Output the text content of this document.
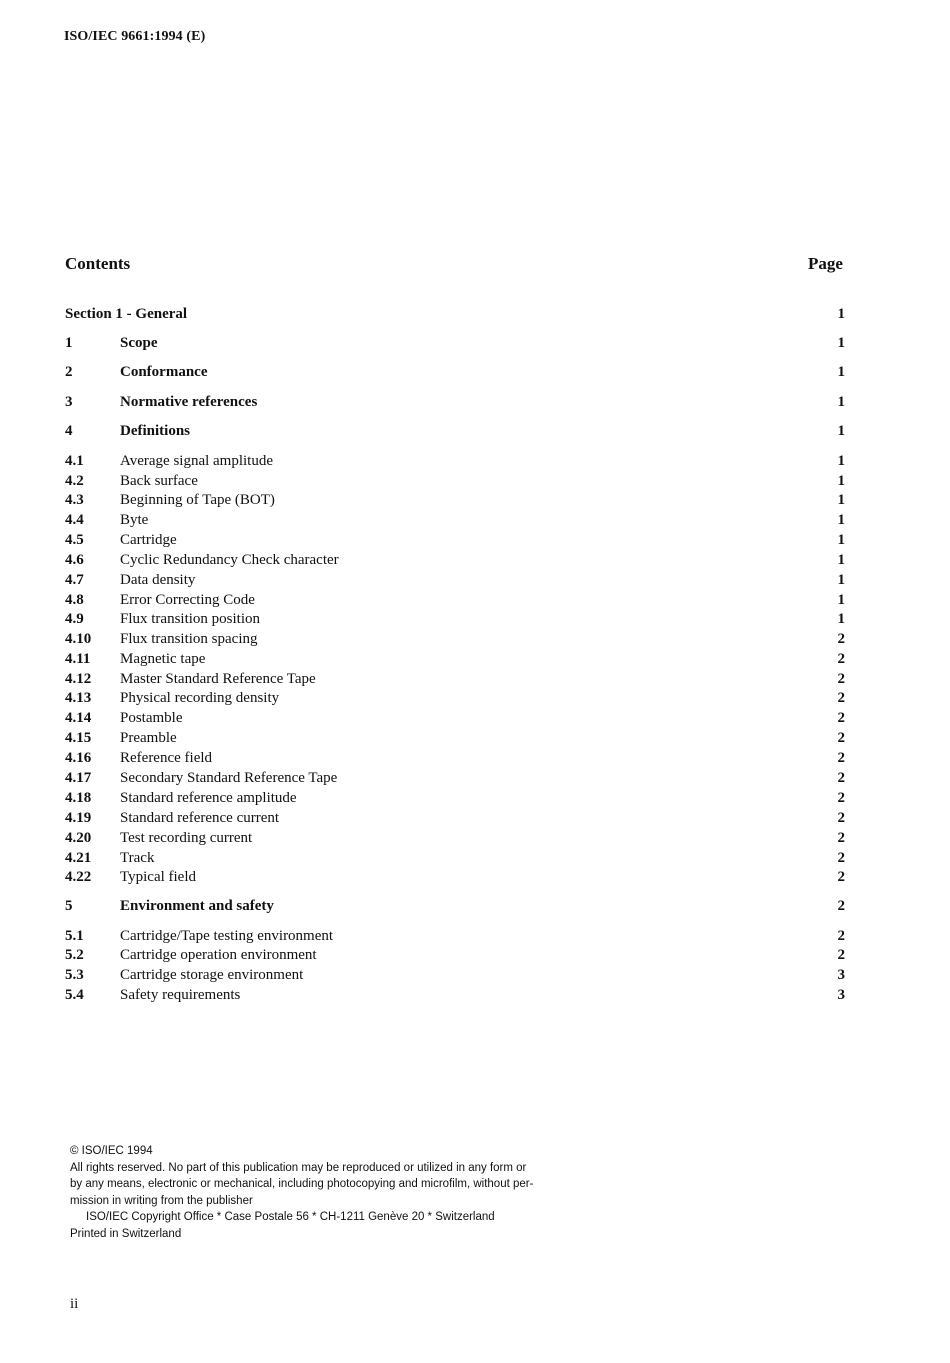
ISO/IEC 9661:1994 (E)
Contents	Page
Section 1 - General	1
1	Scope	1
2	Conformance	1
3	Normative references	1
4	Definitions	1
4.1 Average signal amplitude	1
4.2 Back surface	1
4.3 Beginning of Tape (BOT)	1
4.4 Byte	1
4.5 Cartridge	1
4.6 Cyclic Redundancy Check character	1
4.7 Data density	1
4.8 Error Correcting Code	1
4.9 Flux transition position	1
4.10 Flux transition spacing	2
4.11 Magnetic tape	2
4.12 Master Standard Reference Tape	2
4.13 Physical recording density	2
4.14 Postamble	2
4.15 Preamble	2
4.16 Reference field	2
4.17 Secondary Standard Reference Tape	2
4.18 Standard reference amplitude	2
4.19 Standard reference current	2
4.20 Test recording current	2
4.21 Track	2
4.22 Typical field	2
5	Environment and safety	2
5.1 Cartridge/Tape testing environment	2
5.2 Cartridge operation environment	2
5.3 Cartridge storage environment	3
5.4 Safety requirements	3
© ISO/IEC 1994
All rights reserved. No part of this publication may be reproduced or utilized in any form or
by any means, electronic or mechanical, including photocopying and microfilm, without per-
mission in writing from the publisher
ISO/IEC Copyright Office * Case Postale 56 * CH-1211 Genève 20 * Switzerland
Printed in Switzerland
ii
